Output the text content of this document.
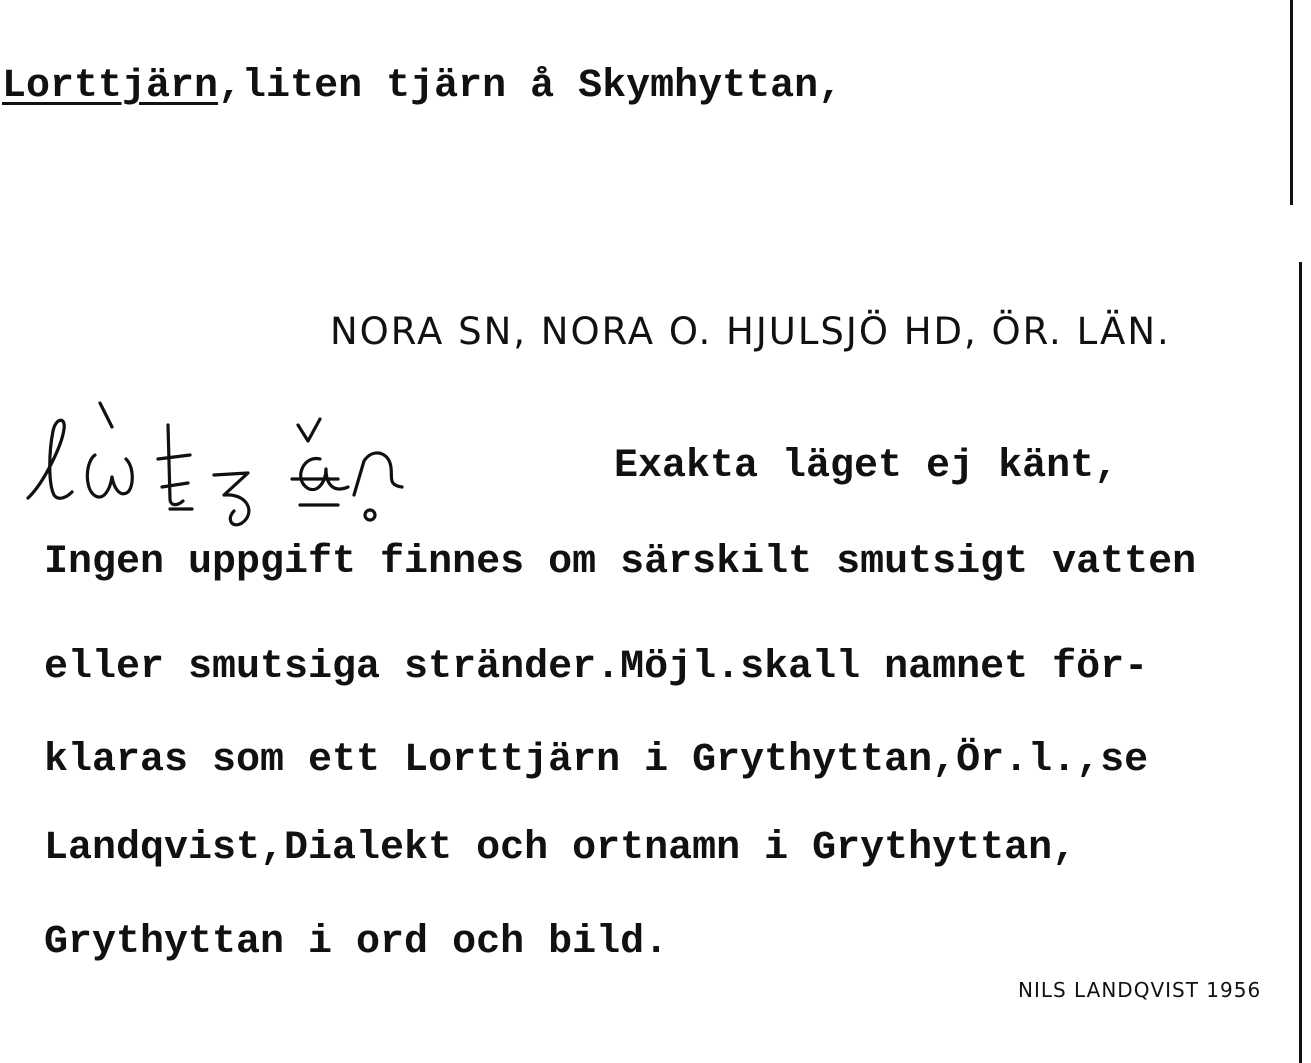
Lorttjärn,liten tjärn å Skymhyttan,
NORA SN, NORA O. HJULSJÖ HD, ÖR. LÄN.
Exakta läget ej känt,
Ingen uppgift finnes om särskilt smutsigt vatten
eller smutsiga stränder.Möjl.skall namnet för-
klaras som ett Lorttjärn i Grythyttan,Ör.l.,se
Landqvist,Dialekt och ortnamn i Grythyttan,
Grythyttan i ord och bild.
NILS LANDQVIST 1956
